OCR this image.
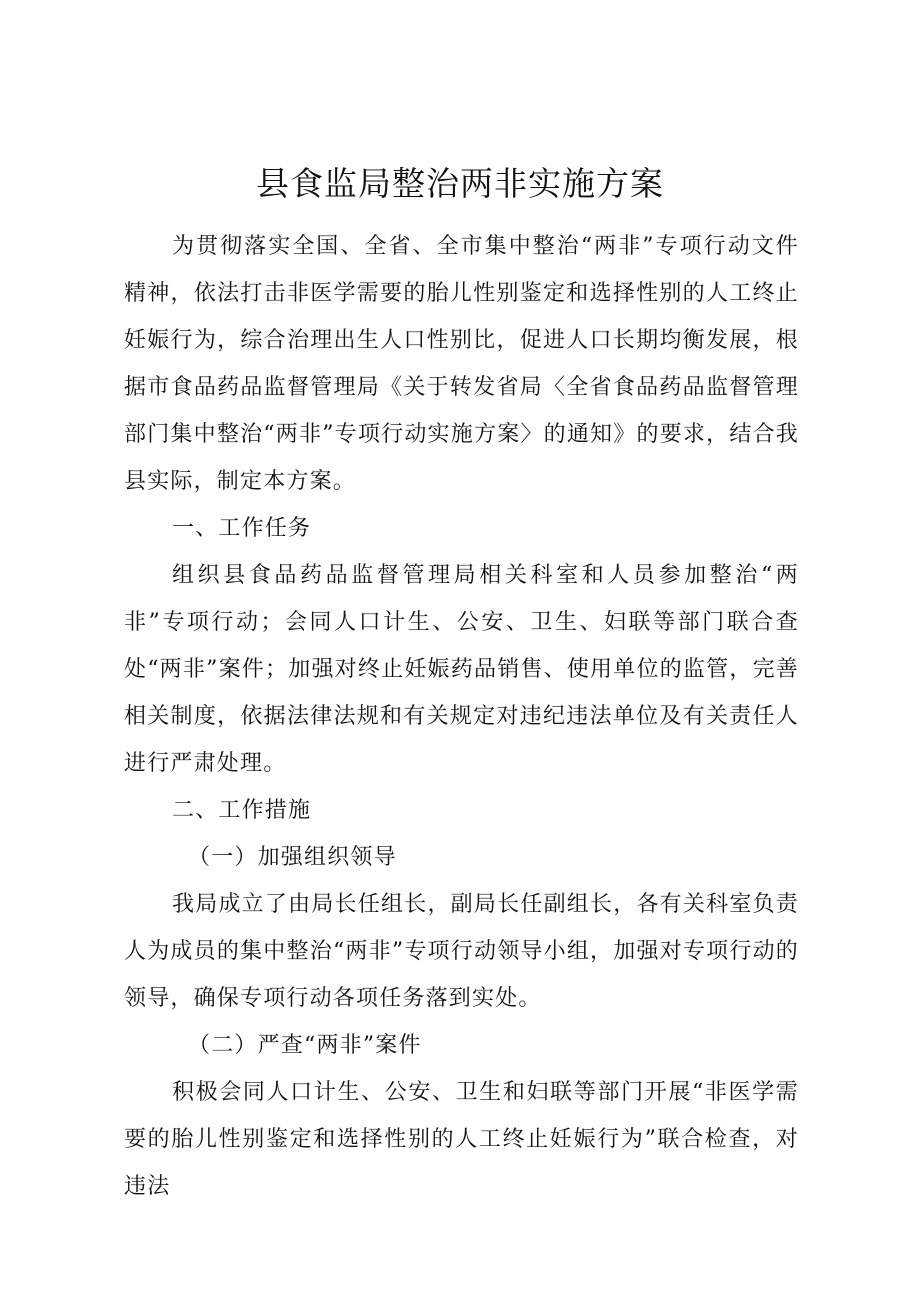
县食监局整治两非实施方案

为贯彻落实全国、全省、全市集中整治“两非”专项行动文件精神，依法打击非医学需要的胎儿性别鉴定和选择性别的人工终止妊娠行为，综合治理出生人口性别比，促进人口长期均衡发展，根据市食品药品监督管理局《关于转发省局〈全省食品药品监督管理部门集中整治“两非”专项行动实施方案〉的通知》的要求，结合我县实际，制定本方案。

一、工作任务

组织县食品药品监督管理局相关科室和人员参加整治“两非”专项行动；会同人口计生、公安、卫生、妇联等部门联合查处“两非”案件；加强对终止妊娠药品销售、使用单位的监管，完善相关制度，依据法律法规和有关规定对违纪违法单位及有关责任人进行严肃处理。

二、工作措施

（一）加强组织领导

我局成立了由局长任组长，副局长任副组长，各有关科室负责人为成员的集中整治“两非”专项行动领导小组，加强对专项行动的领导，确保专项行动各项任务落到实处。

（二）严查“两非”案件

积极会同人口计生、公安、卫生和妇联等部门开展“非医学需要的胎儿性别鉴定和选择性别的人工终止妊娠行为”联合检查，对违法
